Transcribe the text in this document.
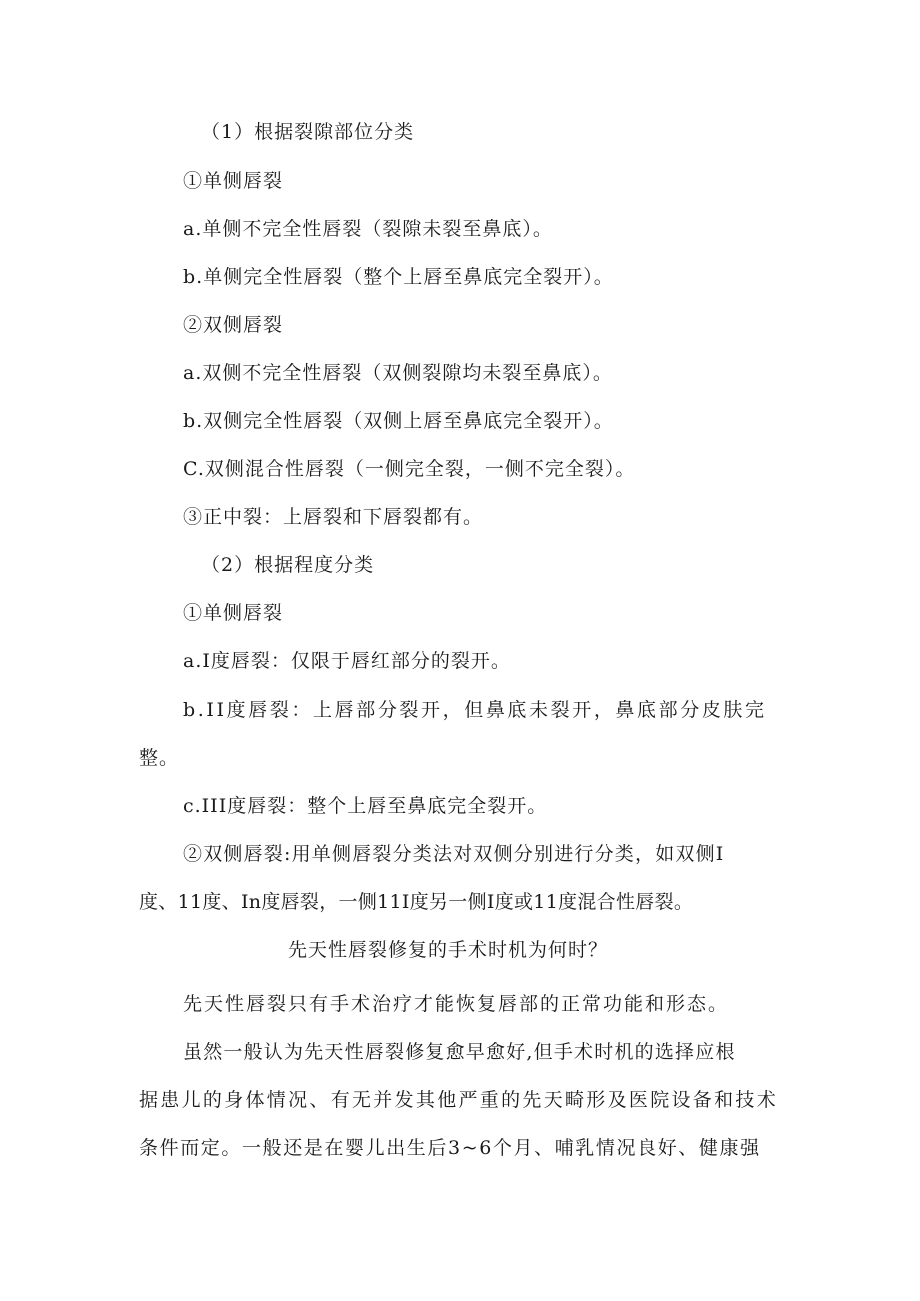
（1）根据裂隙部位分类
①单侧唇裂
a.单侧不完全性唇裂（裂隙未裂至鼻底）。
b.单侧完全性唇裂（整个上唇至鼻底完全裂开）。
②双侧唇裂
a.双侧不完全性唇裂（双侧裂隙均未裂至鼻底）。
b.双侧完全性唇裂（双侧上唇至鼻底完全裂开）。
C.双侧混合性唇裂（一侧完全裂，一侧不完全裂）。
③正中裂：上唇裂和下唇裂都有。
（2）根据程度分类
①单侧唇裂
a.I度唇裂：仅限于唇红部分的裂开。
b.II度唇裂：上唇部分裂开，但鼻底未裂开，鼻底部分皮肤完
整。
c.III度唇裂：整个上唇至鼻底完全裂开。
②双侧唇裂:用单侧唇裂分类法对双侧分别进行分类，如双侧I
度、11度、In度唇裂，一侧11I度另一侧I度或11度混合性唇裂。
先天性唇裂修复的手术时机为何时？
先天性唇裂只有手术治疗才能恢复唇部的正常功能和形态。
虽然一般认为先天性唇裂修复愈早愈好,但手术时机的选择应根
据患儿的身体情况、有无并发其他严重的先天畸形及医院设备和技术
条件而定。一般还是在婴儿出生后3~6个月、哺乳情况良好、健康强
